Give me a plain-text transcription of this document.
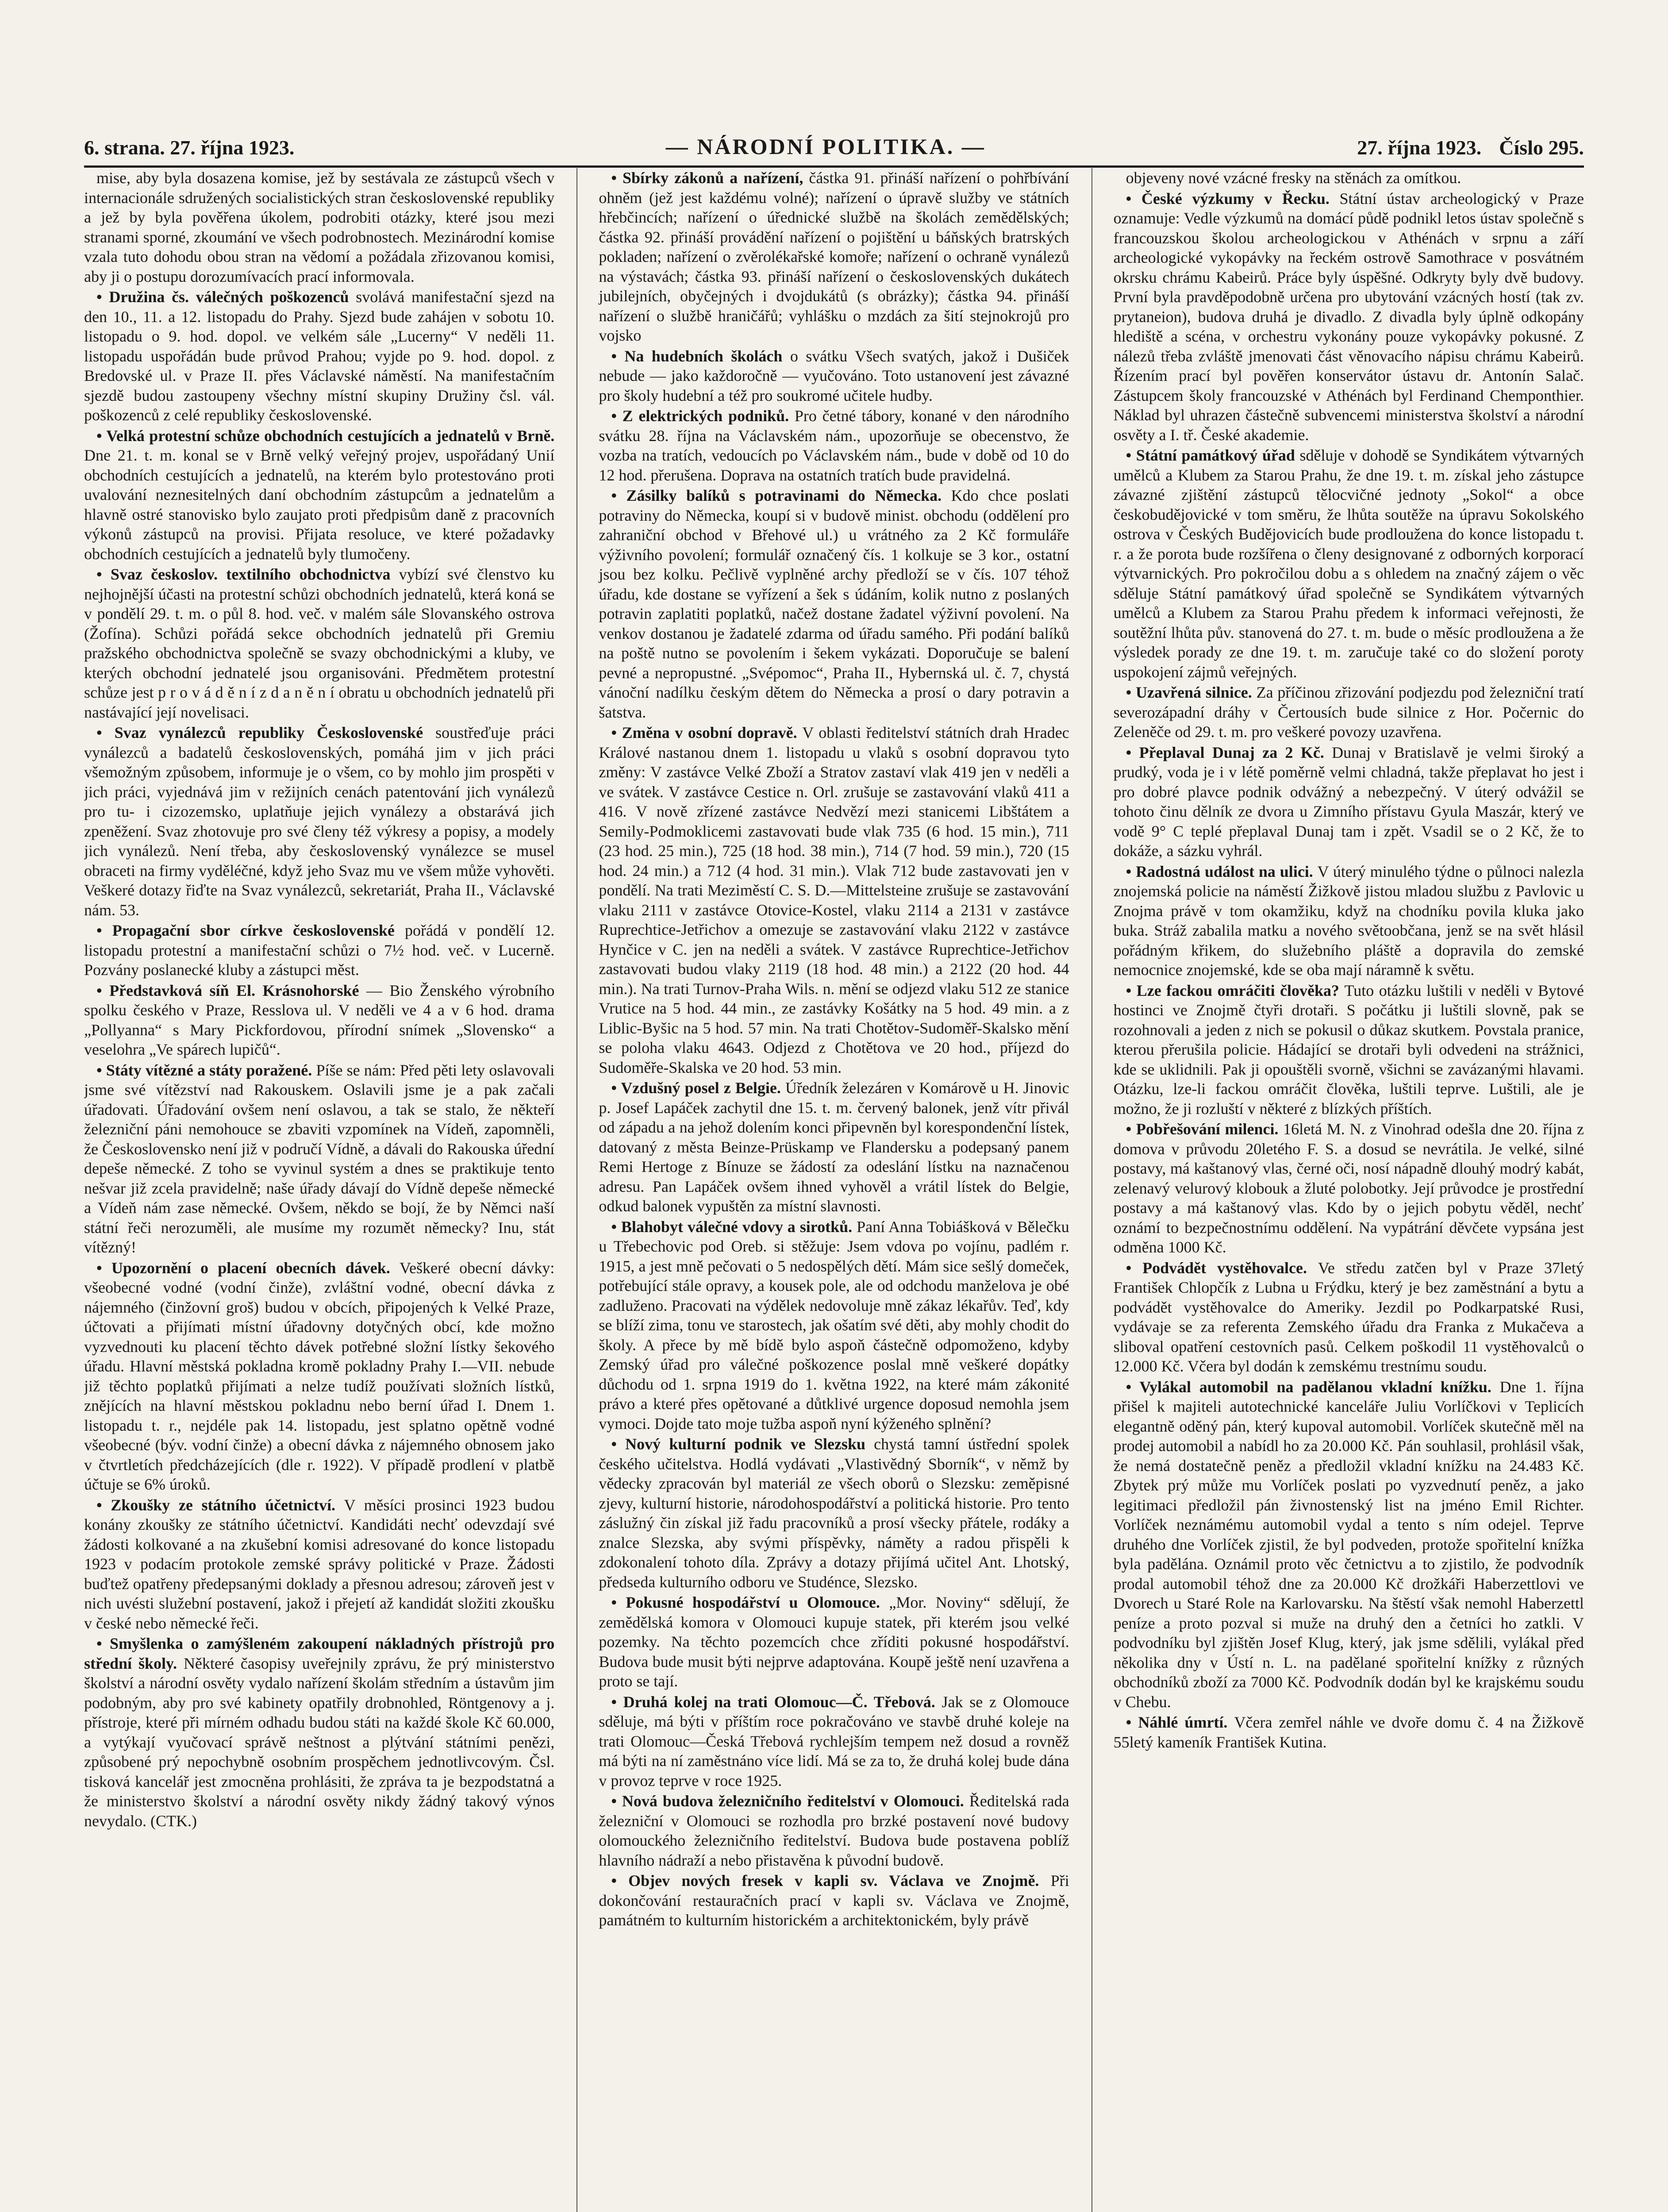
6. strana. 27. října 1923.	— NÁRODNÍ POLITIKA. —	27. října 1923. Číslo 295.

mise, aby byla dosazena komise, jež by sestávala ze zástupců všech v internacionále sdružených socialistických stran československé republiky a jež by byla pověřena úkolem, podrobiti otázky, které jsou mezi stranami sporné, zkoumání ve všech podrobnostech. Mezinárodní komise vzala tuto dohodu obou stran na vědomí a požádala zřizovanou komisi, aby ji o postupu dorozumívacích prací informovala.

• Družina čs. válečných poškozenců svolává manifestační sjezd na den 10., 11. a 12. listopadu do Prahy. Sjezd bude zahájen v sobotu 10. listopadu o 9. hod. dopol. ve velkém sále „Lucerny“ V neděli 11. listopadu uspořádán bude průvod Prahou; vyjde po 9. hod. dopol. z Bredovské ul. v Praze II. přes Václavské náměstí. Na manifestačním sjezdě budou zastoupeny všechny místní skupiny Družiny čsl. vál. poškozenců z celé republiky československé.

• Velká protestní schůze obchodních cestujících a jednatelů v Brně. Dne 21. t. m. konal se v Brně velký veřejný projev, uspořádaný Unií obchodních cestujících a jednatelů, na kterém bylo protestováno proti uvalování neznesitelných daní obchodním zástupcům a jednatelům a hlavně ostré stanovisko bylo zaujato proti předpisům daně z pracovních výkonů zástupců na provisi. Přijata resoluce, ve které požadavky obchodních cestujících a jednatelů byly tlumočeny.

• Svaz českoslov. textilního obchodnictva vybízí své členstvo ku nejhojnější účasti na protestní schůzi obchodních jednatelů, která koná se v pondělí 29. t. m. o půl 8. hod. več. v malém sále Slovanského ostrova (Žofína). Schůzi pořádá sekce obchodních jednatelů při Gremiu pražského obchodnictva společně se svazy obchodnickými a kluby, ve kterých obchodní jednatelé jsou organisováni. Předmětem protestní schůze jest p r o v á d ě n í z d a n ě n í obratu u obchodních jednatelů při nastávající její novelisaci.

• Svaz vynálezců republiky Československé soustřeďuje práci vynálezců a badatelů československých, pomáhá jim v jich práci všemožným způsobem, informuje je o všem, co by mohlo jim prospěti v jich práci, vyjednává jim v režijních cenách patentování jich vynálezů pro tu- i cizozemsko, uplatňuje jejich vynálezy a obstarává jich zpeněžení. Svaz zhotovuje pro své členy též výkresy a popisy, a modely jich vynálezů. Není třeba, aby československý vynálezce se musel obraceti na firmy vyděléčné, když jeho Svaz mu ve všem může vyhověti. Veškeré dotazy řiďte na Svaz vynálezců, sekretariát, Praha II., Václavské nám. 53.

• Propagační sbor církve československé pořádá v pondělí 12. listopadu protestní a manifestační schůzi o 7½ hod. več. v Lucerně. Pozvány poslanecké kluby a zástupci měst.

• Představková síň El. Krásnohorské — Bio Ženského výrobního spolku českého v Praze, Resslova ul. V neděli ve 4 a v 6 hod. drama „Pollyanna“ s Mary Pickfordovou, přírodní snímek „Slovensko“ a veselohra „Ve spárech lupičů“.

• Státy vítězné a státy poražené. Píše se nám: Před pěti lety oslavovali jsme své vítězství nad Rakouskem. Oslavili jsme je a pak začali úřadovati. Úřadování ovšem není oslavou, a tak se stalo, že někteří železniční páni nemohouce se zbaviti vzpomínek na Vídeň, zapomněli, že Československo není již v područí Vídně, a dávali do Rakouska úřední depeše německé. Z toho se vyvinul systém a dnes se praktikuje tento nešvar již zcela pravidelně; naše úřady dávají do Vídně depeše německé a Vídeň nám zase německé. Ovšem, někdo se bojí, že by Němci naší státní řeči nerozuměli, ale musíme my rozumět německy? Inu, stát vítězný!

• Upozornění o placení obecních dávek. Veškeré obecní dávky: všeobecné vodné (vodní činže), zvláštní vodné, obecní dávka z nájemného (činžovní groš) budou v obcích, připojených k Velké Praze, účtovati a přijímati místní úřadovny dotyčných obcí, kde možno vyzvednouti ku placení těchto dávek potřebné složní lístky šekového úřadu. Hlavní městská pokladna kromě pokladny Prahy I.—VII. nebude již těchto poplatků přijímati a nelze tudíž používati složních lístků, znějících na hlavní městskou pokladnu nebo berní úřad I. Dnem 1. listopadu t. r., nejdéle pak 14. listopadu, jest splatno opětně vodné všeobecné (býv. vodní činže) a obecní dávka z nájemného obnosem jako v čtvrtletích předcházejících (dle r. 1922). V případě prodlení v platbě účtuje se 6% úroků.

• Zkoušky ze státního účetnictví. V měsíci prosinci 1923 budou konány zkoušky ze státního účetnictví. Kandidáti nechť odevzdají své žádosti kolkované a na zkušební komisi adresované do konce listopadu 1923 v podacím protokole zemské správy politické v Praze. Žádosti buďtež opatřeny předepsanými doklady a přesnou adresou; zároveň jest v nich uvésti služební postavení, jakož i přejetí až kandidát složiti zkoušku v české nebo německé řeči.

• Smyšlenka o zamýšleném zakoupení nákladných přístrojů pro střední školy. Některé časopisy uveřejnily zprávu, že prý ministerstvo školství a národní osvěty vydalo nařízení školám středním a ústavům jim podobným, aby pro své kabinety opatřily drobnohled, Röntgenovy a j. přístroje, které při mírném odhadu budou státi na každé škole Kč 60.000, a vytýkají vyučovací správě neštnost a plýtvání státními penězi, způsobené prý nepochybně osobním prospěchem jednotlivcovým. Čsl. tisková kancelář jest zmocněna prohlásiti, že zpráva ta je bezpodstatná a že ministerstvo školství a národní osvěty nikdy žádný takový výnos nevydalo. (CTK.)

• Sbírky zákonů a nařízení, částka 91. přináší nařízení o pohřbívání ohněm (jež jest každému volné); nařízení o úpravě služby ve státních hřebčincích; nařízení o úřednické službě na školách zemědělských; částka 92. přináší provádění nařízení o pojištění u báňských bratrských pokladen; nařízení o zvěrolékařské komoře; nařízení o ochraně vynálezů na výstavách; částka 93. přináší nařízení o československých dukátech jubilejních, obyčejných i dvojdukátů (s obrázky); částka 94. přináší nařízení o službě hraničářů; vyhlášku o mzdách za šití stejnokrojů pro vojsko

• Na hudebních školách o svátku Všech svatých, jakož i Dušiček nebude — jako každoročně — vyučováno. Toto ustanovení jest závazné pro školy hudební a též pro soukromé učitele hudby.

• Z elektrických podniků. Pro četné tábory, konané v den národního svátku 28. října na Václavském nám., upozorňuje se obecenstvo, že vozba na tratích, vedoucích po Václavském nám., bude v době od 10 do 12 hod. přerušena. Doprava na ostatních tratích bude pravidelná.

• Zásilky balíků s potravinami do Německa. Kdo chce poslati potraviny do Německa, koupí si v budově minist. obchodu (oddělení pro zahraniční obchod v Břehové ul.) u vrátného za 2 Kč formuláře výživního povolení; formulář označený čís. 1 kolkuje se 3 kor., ostatní jsou bez kolku. Pečlivě vyplněné archy předloží se v čís. 107 téhož úřadu, kde dostane se vyřízení a šek s údáním, kolik nutno z poslaných potravin zaplatiti poplatků, načež dostane žadatel výživní povolení. Na venkov dostanou je žadatelé zdarma od úřadu samého. Při podání balíků na poště nutno se povolením i šekem vykázati. Doporučuje se balení pevné a nepropustné. „Svépomoc“, Praha II., Hybernská ul. č. 7, chystá vánoční nadílku českým dětem do Německa a prosí o dary potravin a šatstva.

• Změna v osobní dopravě. V oblasti ředitelství státních drah Hradec Králové nastanou dnem 1. listopadu u vlaků s osobní dopravou tyto změny: V zastávce Velké Zboží a Stratov zastaví vlak 419 jen v neděli a ve svátek. V zastávce Cestice n. Orl. zrušuje se zastavování vlaků 411 a 416. V nově zřízené zastávce Nedvězí mezi stanicemi Libštátem a Semily-Podmoklicemi zastavovati bude vlak 735 (6 hod. 15 min.), 711 (23 hod. 25 min.), 725 (18 hod. 38 min.), 714 (7 hod. 59 min.), 720 (15 hod. 24 min.) a 712 (4 hod. 31 min.). Vlak 712 bude zastavovati jen v pondělí. Na trati Meziměstí C. S. D.—Mittelsteine zrušuje se zastavování vlaku 2111 v zastávce Otovice-Kostel, vlaku 2114 a 2131 v zastávce Ruprechtice-Jetřichov a omezuje se zastavování vlaku 2122 v zastávce Hynčice v C. jen na neděli a svátek. V zastávce Ruprechtice-Jetřichov zastavovati budou vlaky 2119 (18 hod. 48 min.) a 2122 (20 hod. 44 min.). Na trati Turnov-Praha Wils. n. mění se odjezd vlaku 512 ze stanice Vrutice na 5 hod. 44 min., ze zastávky Košátky na 5 hod. 49 min. a z Liblic-Byšic na 5 hod. 57 min. Na trati Chotětov-Sudoměř-Skalsko mění se poloha vlaku 4643. Odjezd z Chotětova ve 20 hod., příjezd do Sudoměře-Skalska ve 20 hod. 53 min.

• Vzdušný posel z Belgie. Úředník železáren v Komárově u H. Jinovic p. Josef Lapáček zachytil dne 15. t. m. červený balonek, jenž vítr přivál od západu a na jehož dolením konci připevněn byl korespondenční lístek, datovaný z města Beinze-Prüskamp ve Flandersku a podepsaný panem Remi Hertoge z Bínuze se žádostí za odeslání lístku na naznačenou adresu. Pan Lapáček ovšem ihned vyhověl a vrátil lístek do Belgie, odkud balonek vypuštěn za místní slavnosti.

• Blahobyt válečné vdovy a sirotků. Paní Anna Tobiášková v Bělečku u Třebechovic pod Oreb. si stěžuje: Jsem vdova po vojínu, padlém r. 1915, a jest mně pečovati o 5 nedospělých dětí. Mám sice sešlý domeček, potřebující stále opravy, a kousek pole, ale od odchodu manželova je obé zadluženo. Pracovati na výdělek nedovoluje mně zákaz lékařův. Teď, kdy se blíží zima, tonu ve starostech, jak ošatím své děti, aby mohly chodit do školy. A přece by mě bídě bylo aspoň částečně odpomoženo, kdyby Zemský úřad pro válečné poškozence poslal mně veškeré dopátky důchodu od 1. srpna 1919 do 1. května 1922, na které mám zákonité právo a které přes opětované a důtklivé urgence doposud nemohla jsem vymoci. Dojde tato moje tužba aspoň nyní kýženého splnění?

• Nový kulturní podnik ve Slezsku chystá tamní ústřední spolek českého učitelstva. Hodlá vydávati „Vlastivědný Sborník“, v němž by vědecky zpracován byl materiál ze všech oborů o Slezsku: zeměpisné zjevy, kulturní historie, národohospodářství a politická historie. Pro tento záslužný čin získal již řadu pracovníků a prosí všecky přátele, rodáky a znalce Slezska, aby svými příspěvky, náměty a radou přispěli k zdokonalení tohoto díla. Zprávy a dotazy přijímá učitel Ant. Lhotský, předseda kulturního odboru ve Studénce, Slezsko.

• Pokusné hospodářství u Olomouce. „Mor. Noviny“ sdělují, že zemědělská komora v Olomouci kupuje statek, při kterém jsou velké pozemky. Na těchto pozemcích chce zříditi pokusné hospodářství. Budova bude musit býti nejprve adaptována. Koupě ještě není uzavřena a proto se tají.

• Druhá kolej na trati Olomouc—Č. Třebová. Jak se z Olomouce sděluje, má býti v příštím roce pokračováno ve stavbě druhé koleje na trati Olomouc—Česká Třebová rychlejším tempem než dosud a rovněž má býti na ní zaměstnáno více lidí. Má se za to, že druhá kolej bude dána v provoz teprve v roce 1925.

• Nová budova železničního ředitelství v Olomouci. Ředitelská rada železniční v Olomouci se rozhodla pro brzké postavení nové budovy olomouckého železničního ředitelství. Budova bude postavena poblíž hlavního nádraží a nebo přistavěna k původní budově.

• Objev nových fresek v kapli sv. Václava ve Znojmě. Při dokončování restauračních prací v kapli sv. Václava ve Znojmě, památném to kulturním historickém a architektonickém, byly právě

objeveny nové vzácné fresky na stěnách za omítkou.

• České výzkumy v Řecku. Státní ústav archeologický v Praze oznamuje: Vedle výzkumů na domácí půdě podnikl letos ústav společně s francouzskou školou archeologickou v Athénách v srpnu a září archeologické vykopávky na řeckém ostrově Samothrace v posvátném okrsku chrámu Kabeirů. Práce byly úspěšné. Odkryty byly dvě budovy. První byla pravděpodobně určena pro ubytování vzácných hostí (tak zv. prytaneion), budova druhá je divadlo. Z divadla byly úplně odkopány hlediště a scéna, v orchestru vykonány pouze vykopávky pokusné. Z nálezů třeba zvláště jmenovati část věnovacího nápisu chrámu Kabeirů. Řízením prací byl pověřen konservátor ústavu dr. Antonín Salač. Zástupcem školy francouzské v Athénách byl Ferdinand Chemponthier. Náklad byl uhrazen částečně subvencemi ministerstva školství a národní osvěty a I. tř. České akademie.

• Státní památkový úřad sděluje v dohodě se Syndikátem výtvarných umělců a Klubem za Starou Prahu, že dne 19. t. m. získal jeho zástupce závazné zjištění zástupců tělocvičné jednoty „Sokol“ a obce českobudějovické v tom směru, že lhůta soutěže na úpravu Sokolského ostrova v Českých Budějovicích bude prodloužena do konce listopadu t. r. a že porota bude rozšířena o členy designované z odborných korporací výtvarnických. Pro pokročilou dobu a s ohledem na značný zájem o věc sděluje Státní památkový úřad společně se Syndikátem výtvarných umělců a Klubem za Starou Prahu předem k informaci veřejnosti, že soutěžní lhůta pův. stanovená do 27. t. m. bude o měsíc prodloužena a že výsledek porady ze dne 19. t. m. zaručuje také co do složení poroty uspokojení zájmů veřejných.

• Uzavřená silnice. Za příčinou zřizování podjezdu pod železniční tratí severozápadní dráhy v Čertousích bude silnice z Hor. Počernic do Zeleněče od 29. t. m. pro veškeré povozy uzavřena.

• Přeplaval Dunaj za 2 Kč. Dunaj v Bratislavě je velmi široký a prudký, voda je i v létě poměrně velmi chladná, takže přeplavat ho jest i pro dobré plavce podnik odvážný a nebezpečný. V úterý odvážil se tohoto činu dělník ze dvora u Zimního přístavu Gyula Maszár, který ve vodě 9° C teplé přeplaval Dunaj tam i zpět. Vsadil se o 2 Kč, že to dokáže, a sázku vyhrál.

• Radostná událost na ulici. V úterý minulého týdne o půlnoci nalezla znojemská policie na náměstí Žižkově jistou mladou službu z Pavlovic u Znojma právě v tom okamžiku, když na chodníku povila kluka jako buka. Stráž zabalila matku a nového světoobčana, jenž se na svět hlásil pořádným křikem, do služebního pláště a dopravila do zemské nemocnice znojemské, kde se oba mají náramně k světu.

• Lze fackou omráčiti člověka? Tuto otázku luštili v neděli v Bytové hostinci ve Znojmě čtyři drotaři. S počátku ji luštili slovně, pak se rozohnovali a jeden z nich se pokusil o důkaz skutkem. Povstala pranice, kterou přerušila policie. Hádající se drotaři byli odvedeni na strážnici, kde se uklidnili. Pak ji opouštěli svorně, všichni se zavázanými hlavami. Otázku, lze-li fackou omráčit člověka, luštili teprve. Luštili, ale je možno, že ji rozluští v některé z blízkých příštích.

• Pobřešování milenci. 16letá M. N. z Vinohrad odešla dne 20. října z domova v průvodu 20letého F. S. a dosud se nevrátila. Je velké, silné postavy, má kaštanový vlas, černé oči, nosí nápadně dlouhý modrý kabát, zelenavý velurový klobouk a žluté polobotky. Její průvodce je prostřední postavy a má kaštanový vlas. Kdo by o jejich pobytu věděl, nechť oznámí to bezpečnostnímu oddělení. Na vypátrání děvčete vypsána jest odměna 1000 Kč.

• Podvádět vystěhovalce. Ve středu zatčen byl v Praze 37letý František Chlopčík z Lubna u Frýdku, který je bez zaměstnání a bytu a podvádět vystěhovalce do Ameriky. Jezdil po Podkarpatské Rusi, vydávaje se za referenta Zemského úřadu dra Franka z Mukačeva a sliboval opatření cestovních pasů. Celkem poškodil 11 vystěhovalců o 12.000 Kč. Včera byl dodán k zemskému trestnímu soudu.

• Vylákal automobil na padělanou vkladní knížku. Dne 1. října přišel k majiteli autotechnické kanceláře Juliu Vorlíčkovi v Teplicích elegantně oděný pán, který kupoval automobil. Vorlíček skutečně měl na prodej automobil a nabídl ho za 20.000 Kč. Pán souhlasil, prohlásil však, že nemá dostatečně peněz a předložil vkladní knížku na 24.483 Kč. Zbytek prý může mu Vorlíček poslati po vyzvednutí peněz, a jako legitimaci předložil pán živnostenský list na jméno Emil Richter. Vorlíček neznámému automobil vydal a tento s ním odejel. Teprve druhého dne Vorlíček zjistil, že byl podveden, protože spořitelní knížka byla padělána. Oznámil proto věc četnictvu a to zjistilo, že podvodník prodal automobil téhož dne za 20.000 Kč drožkáři Haberzettlovi ve Dvorech u Staré Role na Karlovarsku. Na štěstí však nemohl Haberzettl peníze a proto pozval si muže na druhý den a četníci ho zatkli. V podvodníku byl zjištěn Josef Klug, který, jak jsme sdělili, vylákal před několika dny v Ústí n. L. na padělané spořitelní knížky z různých obchodníků zboží za 7000 Kč. Podvodník dodán byl ke krajskému soudu v Chebu.

• Náhlé úmrtí. Včera zemřel náhle ve dvoře domu č. 4 na Žižkově 55letý kameník František Kutina.
